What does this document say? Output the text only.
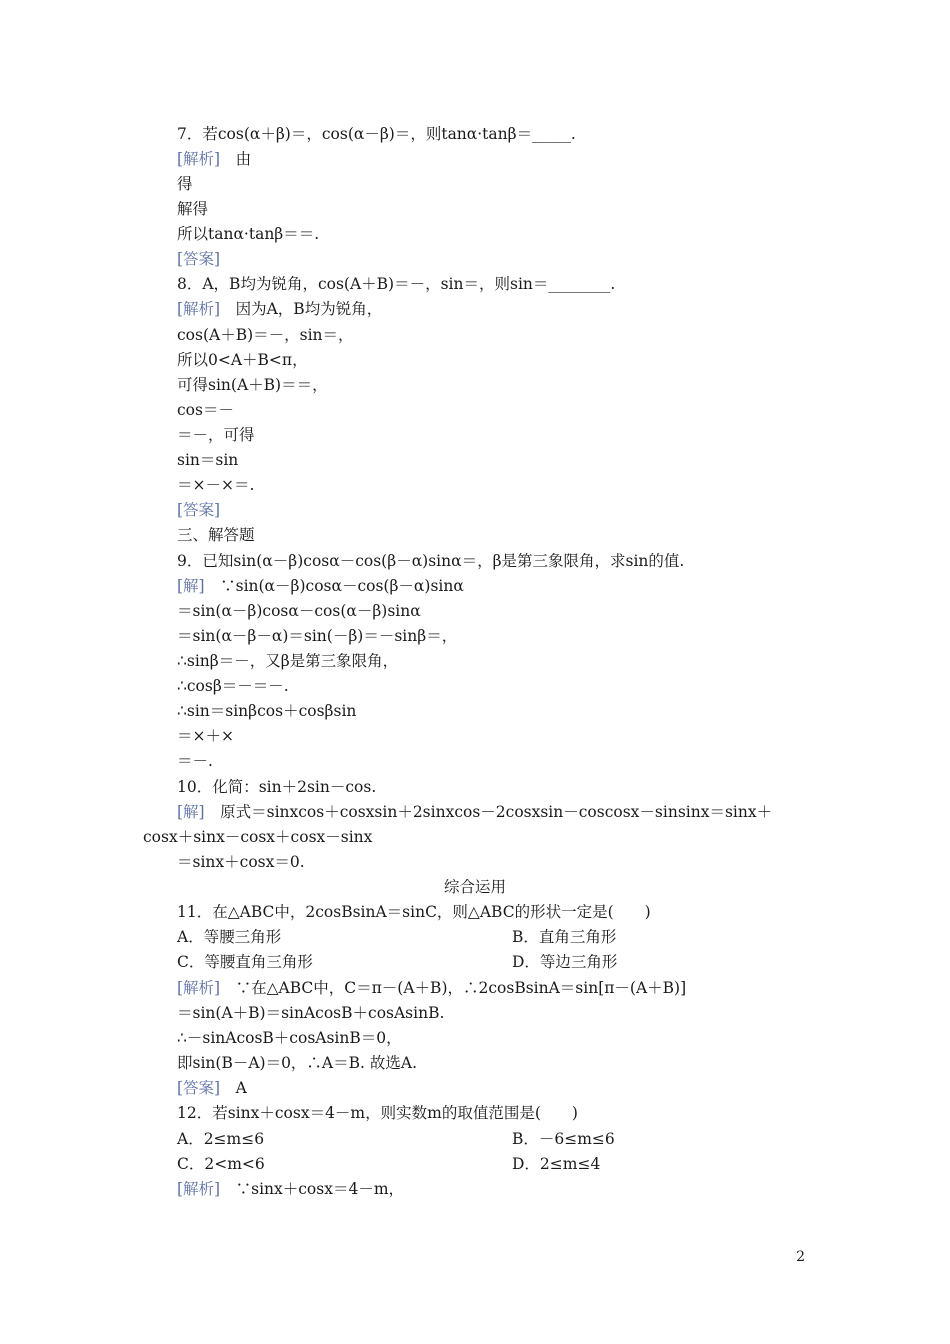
7．若cos(α＋β)＝，cos(α－β)＝，则tanα·tanβ＝_____.
[解析]　由
得
解得
所以tanα·tanβ＝＝.
[答案]
8．A，B均为锐角，cos(A＋B)＝－，sin＝，则sin＝________.
[解析]　因为A，B均为锐角，
cos(A＋B)＝－，sin＝，
所以0<A＋B<π，
可得sin(A＋B)＝＝，
cos＝－
＝－，可得
sin＝sin
＝×－×＝.
[答案]
三、解答题
9．已知sin(α－β)cosα－cos(β－α)sinα＝，β是第三象限角，求sin的值.
[解]　∵sin(α－β)cosα－cos(β－α)sinα
＝sin(α－β)cosα－cos(α－β)sinα
＝sin(α－β－α)＝sin(－β)＝－sinβ＝，
∴sinβ＝－，又β是第三象限角，
∴cosβ＝－＝－.
∴sin＝sinβcos＋cosβsin
＝×＋×
＝－.
10．化简：sin＋2sin－cos.
[解]　原式＝sinxcos＋cosxsin＋2sinxcos－2cosxsin－coscosx－sinsinx＝sinx＋
cosx＋sinx－cosx＋cosx－sinx
＝sinx＋cosx＝0.
综合运用
11．在△ABC中，2cosBsinA＝sinC，则△ABC的形状一定是(　　)
A．等腰三角形	B．直角三角形
C．等腰直角三角形	D．等边三角形
[解析]　∵在△ABC中，C＝π－(A＋B)，∴2cosBsinA＝sin[π－(A＋B)]
＝sin(A＋B)＝sinAcosB＋cosAsinB.
∴－sinAcosB＋cosAsinB＝0，
即sin(B－A)＝0，∴A＝B. 故选A.
[答案]　A
12．若sinx＋cosx＝4－m，则实数m的取值范围是(　　)
A．2≤m≤6	B．－6≤m≤6
C．2<m<6	D．2≤m≤4
[解析]　∵sinx＋cosx＝4－m，
2
